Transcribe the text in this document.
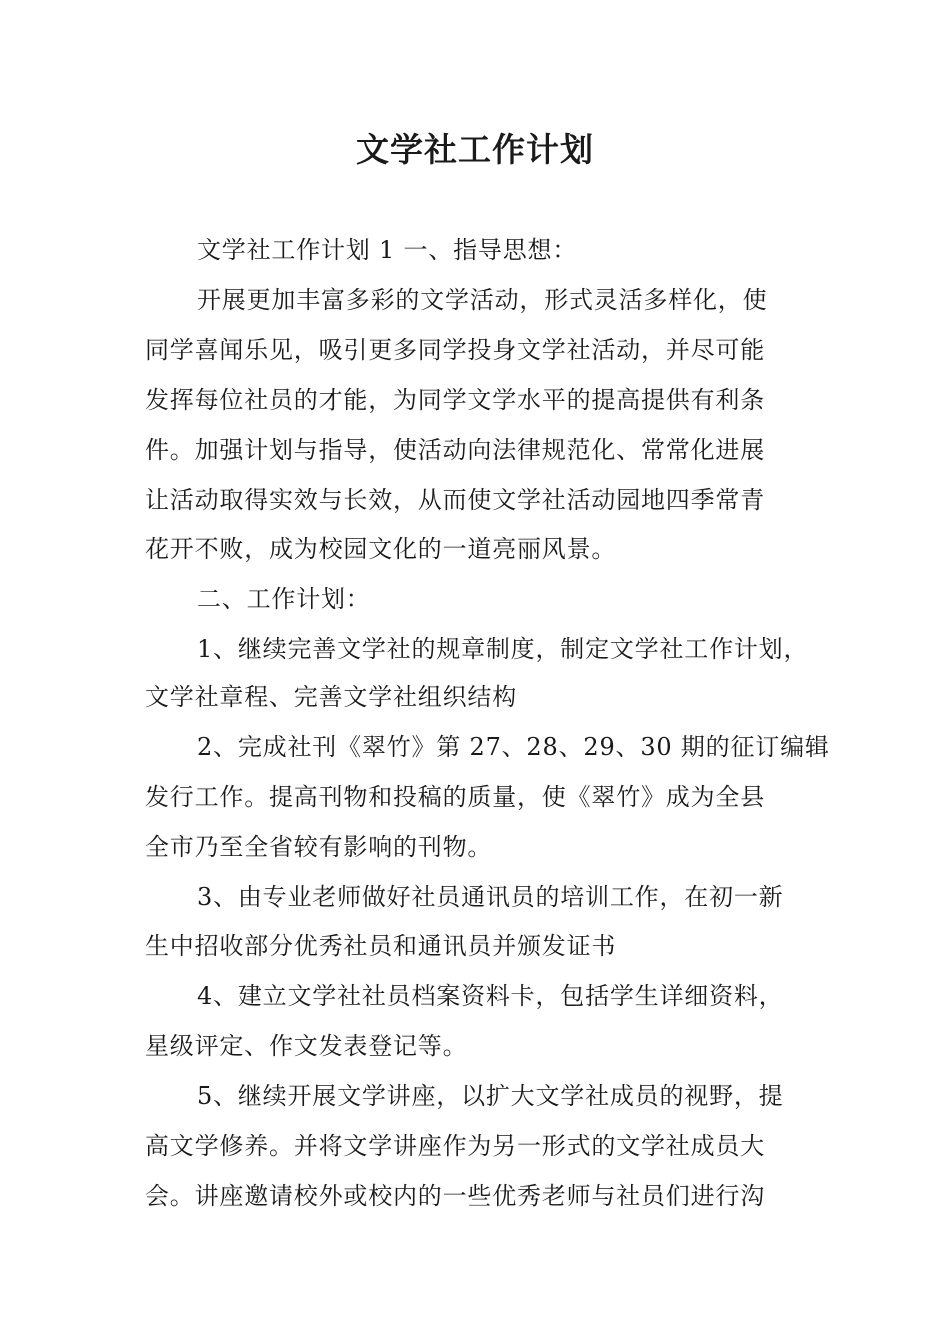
文学社工作计划
文学社工作计划 1 一、指导思想：
开展更加丰富多彩的文学活动，形式灵活多样化，使
同学喜闻乐见，吸引更多同学投身文学社活动，并尽可能
发挥每位社员的才能，为同学文学水平的提高提供有利条
件。加强计划与指导，使活动向法律规范化、常常化进展
让活动取得实效与长效，从而使文学社活动园地四季常青
花开不败，成为校园文化的一道亮丽风景。
二、工作计划：
1、继续完善文学社的规章制度，制定文学社工作计划，
文学社章程、完善文学社组织结构
2、完成社刊《翠竹》第 27、28、29、30 期的征订编辑
发行工作。提高刊物和投稿的质量，使《翠竹》成为全县
全市乃至全省较有影响的刊物。
3、由专业老师做好社员通讯员的培训工作，在初一新
生中招收部分优秀社员和通讯员并颁发证书
4、建立文学社社员档案资料卡，包括学生详细资料，
星级评定、作文发表登记等。
5、继续开展文学讲座，以扩大文学社成员的视野，提
高文学修养。并将文学讲座作为另一形式的文学社成员大
会。讲座邀请校外或校内的一些优秀老师与社员们进行沟
